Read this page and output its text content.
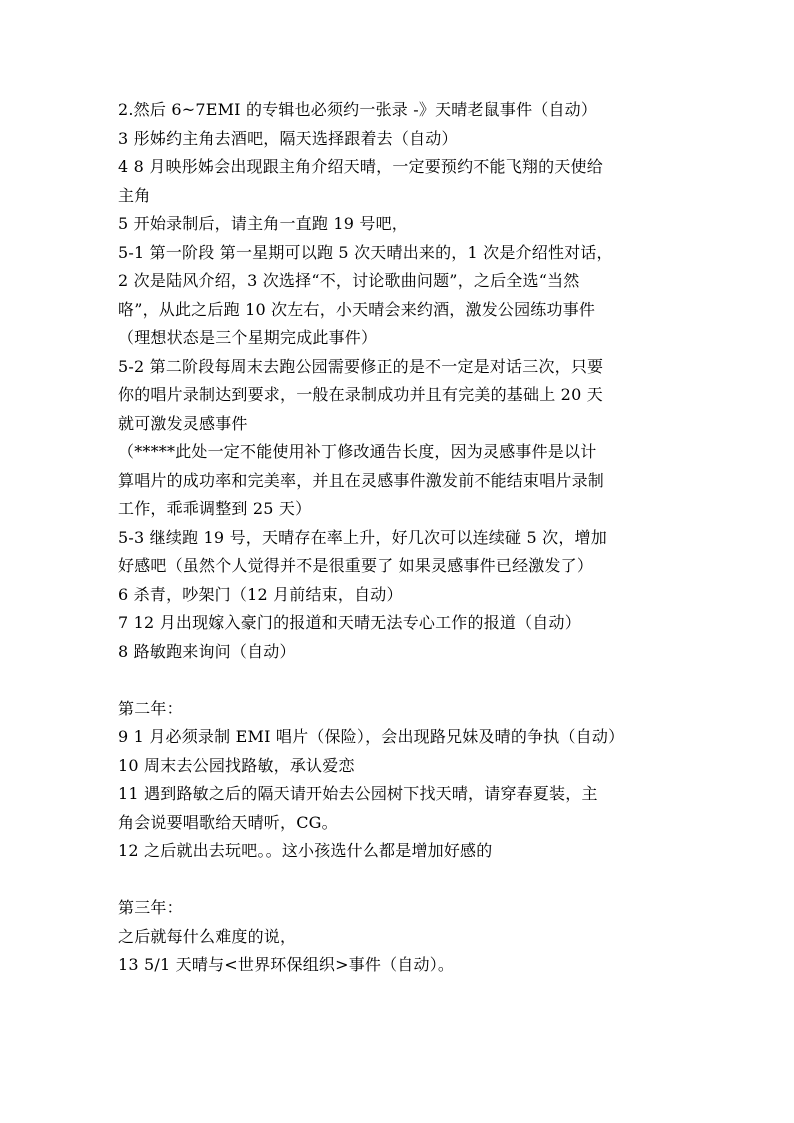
2.然后 6~7EMI 的专辑也必须约一张录 -》天晴老鼠事件（自动）
3 彤姊约主角去酒吧，隔天选择跟着去（自动）
4 8 月映彤姊会出现跟主角介绍天晴，一定要预约不能飞翔的天使给
主角
5 开始录制后，请主角一直跑 19 号吧，
5-1 第一阶段 第一星期可以跑 5 次天晴出来的，1 次是介绍性对话，
2 次是陆风介绍，3 次选择“不，讨论歌曲问题”，之后全选“当然
咯”，从此之后跑 10 次左右，小天晴会来约酒，激发公园练功事件
（理想状态是三个星期完成此事件）
5-2 第二阶段每周末去跑公园需要修正的是不一定是对话三次，只要
你的唱片录制达到要求，一般在录制成功并且有完美的基础上 20 天
就可激发灵感事件
（*****此处一定不能使用补丁修改通告长度，因为灵感事件是以计
算唱片的成功率和完美率，并且在灵感事件激发前不能结束唱片录制
工作，乖乖调整到 25 天）
5-3 继续跑 19 号，天晴存在率上升，好几次可以连续碰 5 次，增加
好感吧（虽然个人觉得并不是很重要了 如果灵感事件已经激发了）
6 杀青，吵架门（12 月前结束，自动）
7 12 月出现嫁入豪门的报道和天晴无法专心工作的报道（自动）
8 路敏跑来询问（自动）
第二年：
9 1 月必须录制 EMI 唱片（保险），会出现路兄妹及晴的争执（自动）
10 周末去公园找路敏，承认爱恋
11 遇到路敏之后的隔天请开始去公园树下找天晴，请穿春夏装，主
角会说要唱歌给天晴听，CG。
12 之后就出去玩吧。。这小孩选什么都是增加好感的
第三年：
之后就每什么难度的说，
13 5/1 天晴与<世界环保组织>事件（自动）。
